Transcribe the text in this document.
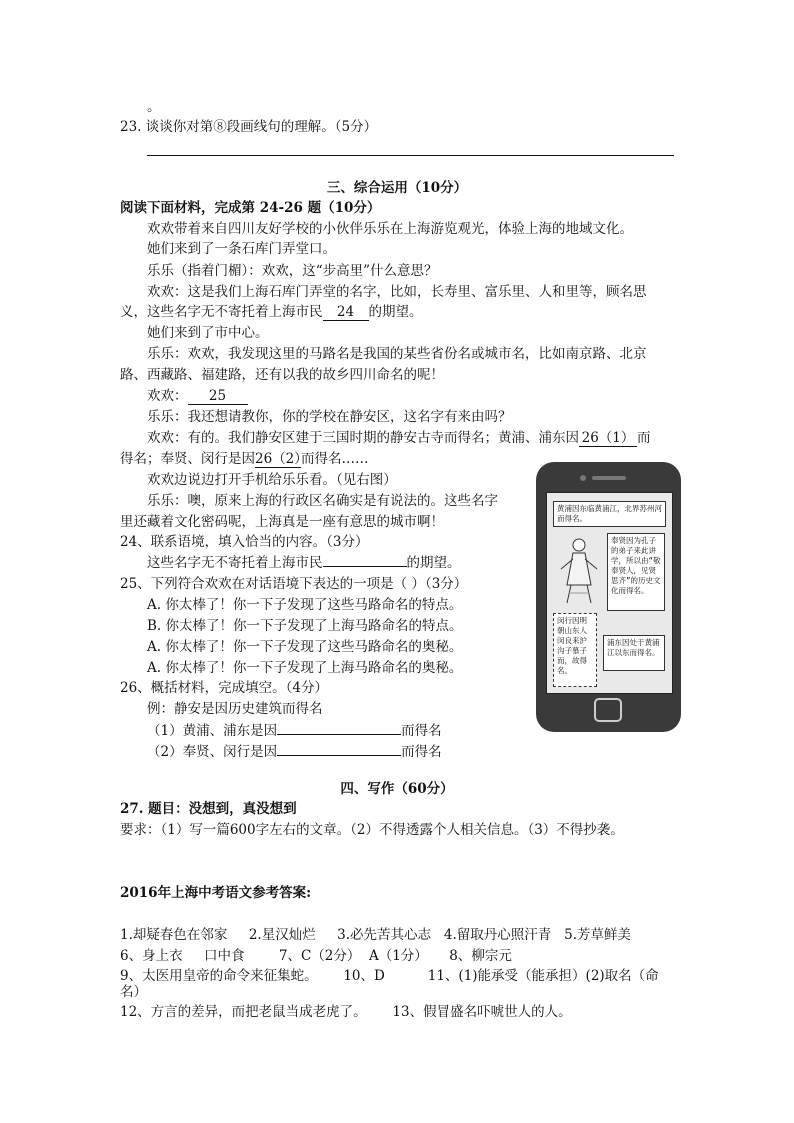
。
23. 谈谈你对第⑧段画线句的理解。（5分）
三、综合运用（10分）
阅读下面材料，完成第 24-26 题（10分）
欢欢带着来自四川友好学校的小伙伴乐乐在上海游览观光，体验上海的地域文化。
她们来到了一条石库门弄堂口。
乐乐（指着门楣）：欢欢，这“步高里”什么意思？
欢欢：这是我们上海石库门弄堂的名字，比如，长寿里、富乐里、人和里等，顾名思
义，这些名字无不寄托着上海市民 24 的期望。
她们来到了市中心。
乐乐：欢欢，我发现这里的马路名是我国的某些省份名或城市名，比如南京路、北京
路、西藏路、福建路，还有以我的故乡四川命名的呢！
欢欢： 25
乐乐：我还想请教你，你的学校在静安区，这名字有来由吗？
欢欢：有的。我们静安区建于三国时期的静安古寺而得名；黄浦、浦东因 26（1） 而
得名；奉贤、闵行是因26（2）而得名……
欢欢边说边打开手机给乐乐看。（见右图）
乐乐：噢，原来上海的行政区名确实是有说法的。这些名字
里还藏着文化密码呢，上海真是一座有意思的城市啊！
24、联系语境，填入恰当的内容。（3分）
这些名字无不寄托着上海市民	的期望。
25、下列符合欢欢在对话语境下表达的一项是（ ）（3分）
A. 你太棒了！你一下子发现了这些马路命名的特点。
B. 你太棒了！你一下子发现了上海马路命名的特点。
A. 你太棒了！你一下子发现了这些马路命名的奥秘。
A. 你太棒了！你一下子发现了上海马路命名的奥秘。
26、概括材料，完成填空。（4分）
例：静安是因历史建筑而得名
（1）黄浦、浦东是因	而得名
（2）奉贤、闵行是因	而得名
黄浦因东临黄浦江，北界苏州河而得名。
奉贤因为孔子的弟子来此讲学，所以由“敬奉贤人，见贤思齐”的历史文化而得名。
闵行因明朝山东人闵良来沪沟子慕子而，故得名。
浦东因处于黄浦江以东而得名。
四、写作（60分）
27. 题目：没想到，真没想到
要求：（1）写一篇600字左右的文章。（2）不得透露个人相关信息。（3）不得抄袭。
2016年上海中考语文参考答案:
1.却疑春色在邻家     2.星汉灿烂     3.必先苦其心志   4.留取丹心照汗青   5.芳草鲜美
6、身上衣     口中食        7、C（2分）  A（1分）     8、柳宗元
9、太医用皇帝的命令来征集蛇。      10、D          11、(1)能承受（能承担）(2)取名（命
名）
12、方言的差异，而把老鼠当成老虎了。      13、假冒盛名吓唬世人的人。
